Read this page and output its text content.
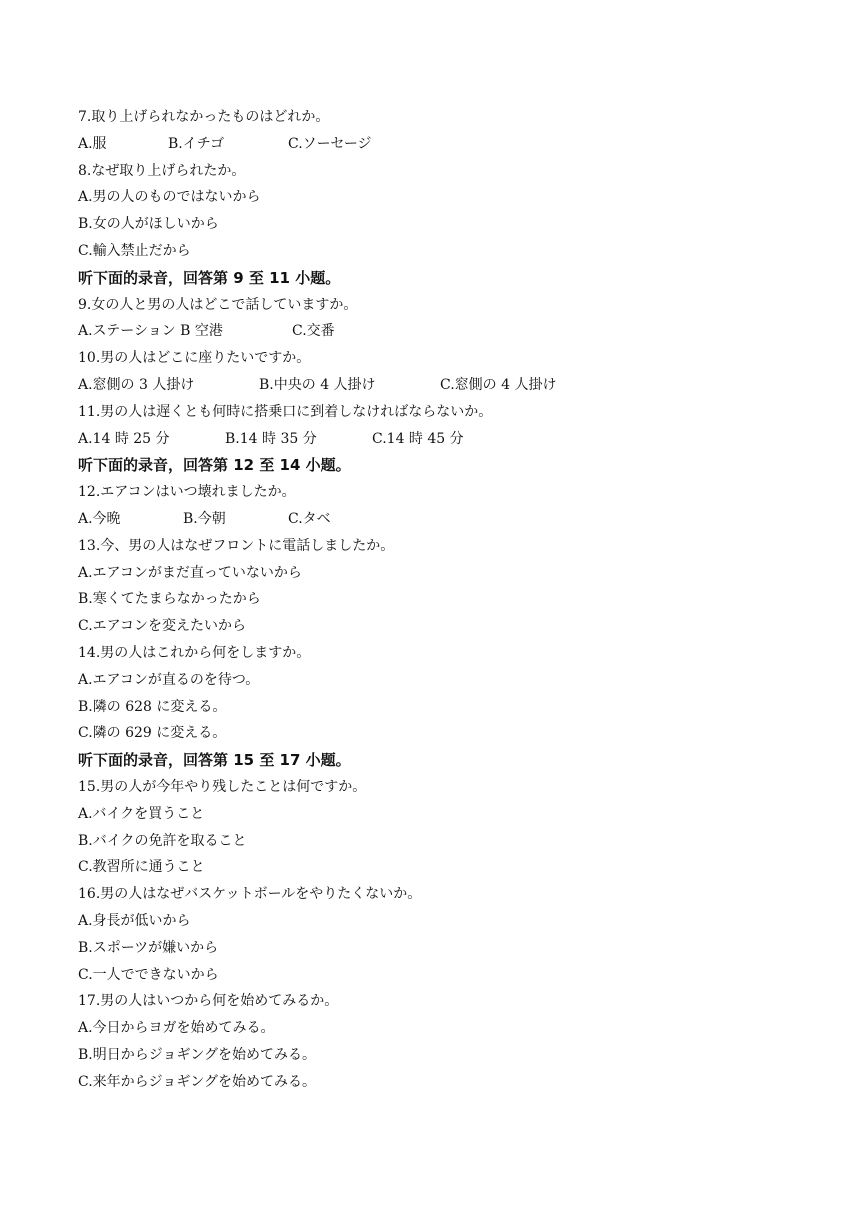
7.取り上げられなかったものはどれか。
A.服	B.イチゴ	C.ソーセージ
8.なぜ取り上げられたか。
A.男の人のものではないから
B.女の人がほしいから
C.輸入禁止だから
听下面的录音，回答第 9 至 11 小题。
9.女の人と男の人はどこで話していますか。
A.ステーション B 空港	C.交番
10.男の人はどこに座りたいですか。
A.窓側の 3 人掛け	B.中央の 4 人掛け	C.窓側の 4 人掛け
11.男の人は遅くとも何時に搭乗口に到着しなければならないか。
A.14 時 25 分	B.14 時 35 分	C.14 時 45 分
听下面的录音，回答第 12 至 14 小题。
12.エアコンはいつ壊れましたか。
A.今晩	B.今朝	C.タベ
13.今、男の人はなぜフロントに電話しましたか。
A.エアコンがまだ直っていないから
B.寒くてたまらなかったから
C.エアコンを変えたいから
14.男の人はこれから何をしますか。
A.エアコンが直るのを待つ。
B.隣の 628 に変える。
C.隣の 629 に変える。
听下面的录音，回答第 15 至 17 小题。
15.男の人が今年やり残したことは何ですか。
A.バイクを買うこと
B.バイクの免許を取ること
C.教習所に通うこと
16.男の人はなぜバスケットボールをやりたくないか。
A.身長が低いから
B.スポーツが嫌いから
C.一人でできないから
17.男の人はいつから何を始めてみるか。
A.今日からヨガを始めてみる。
B.明日からジョギングを始めてみる。
C.来年からジョギングを始めてみる。
